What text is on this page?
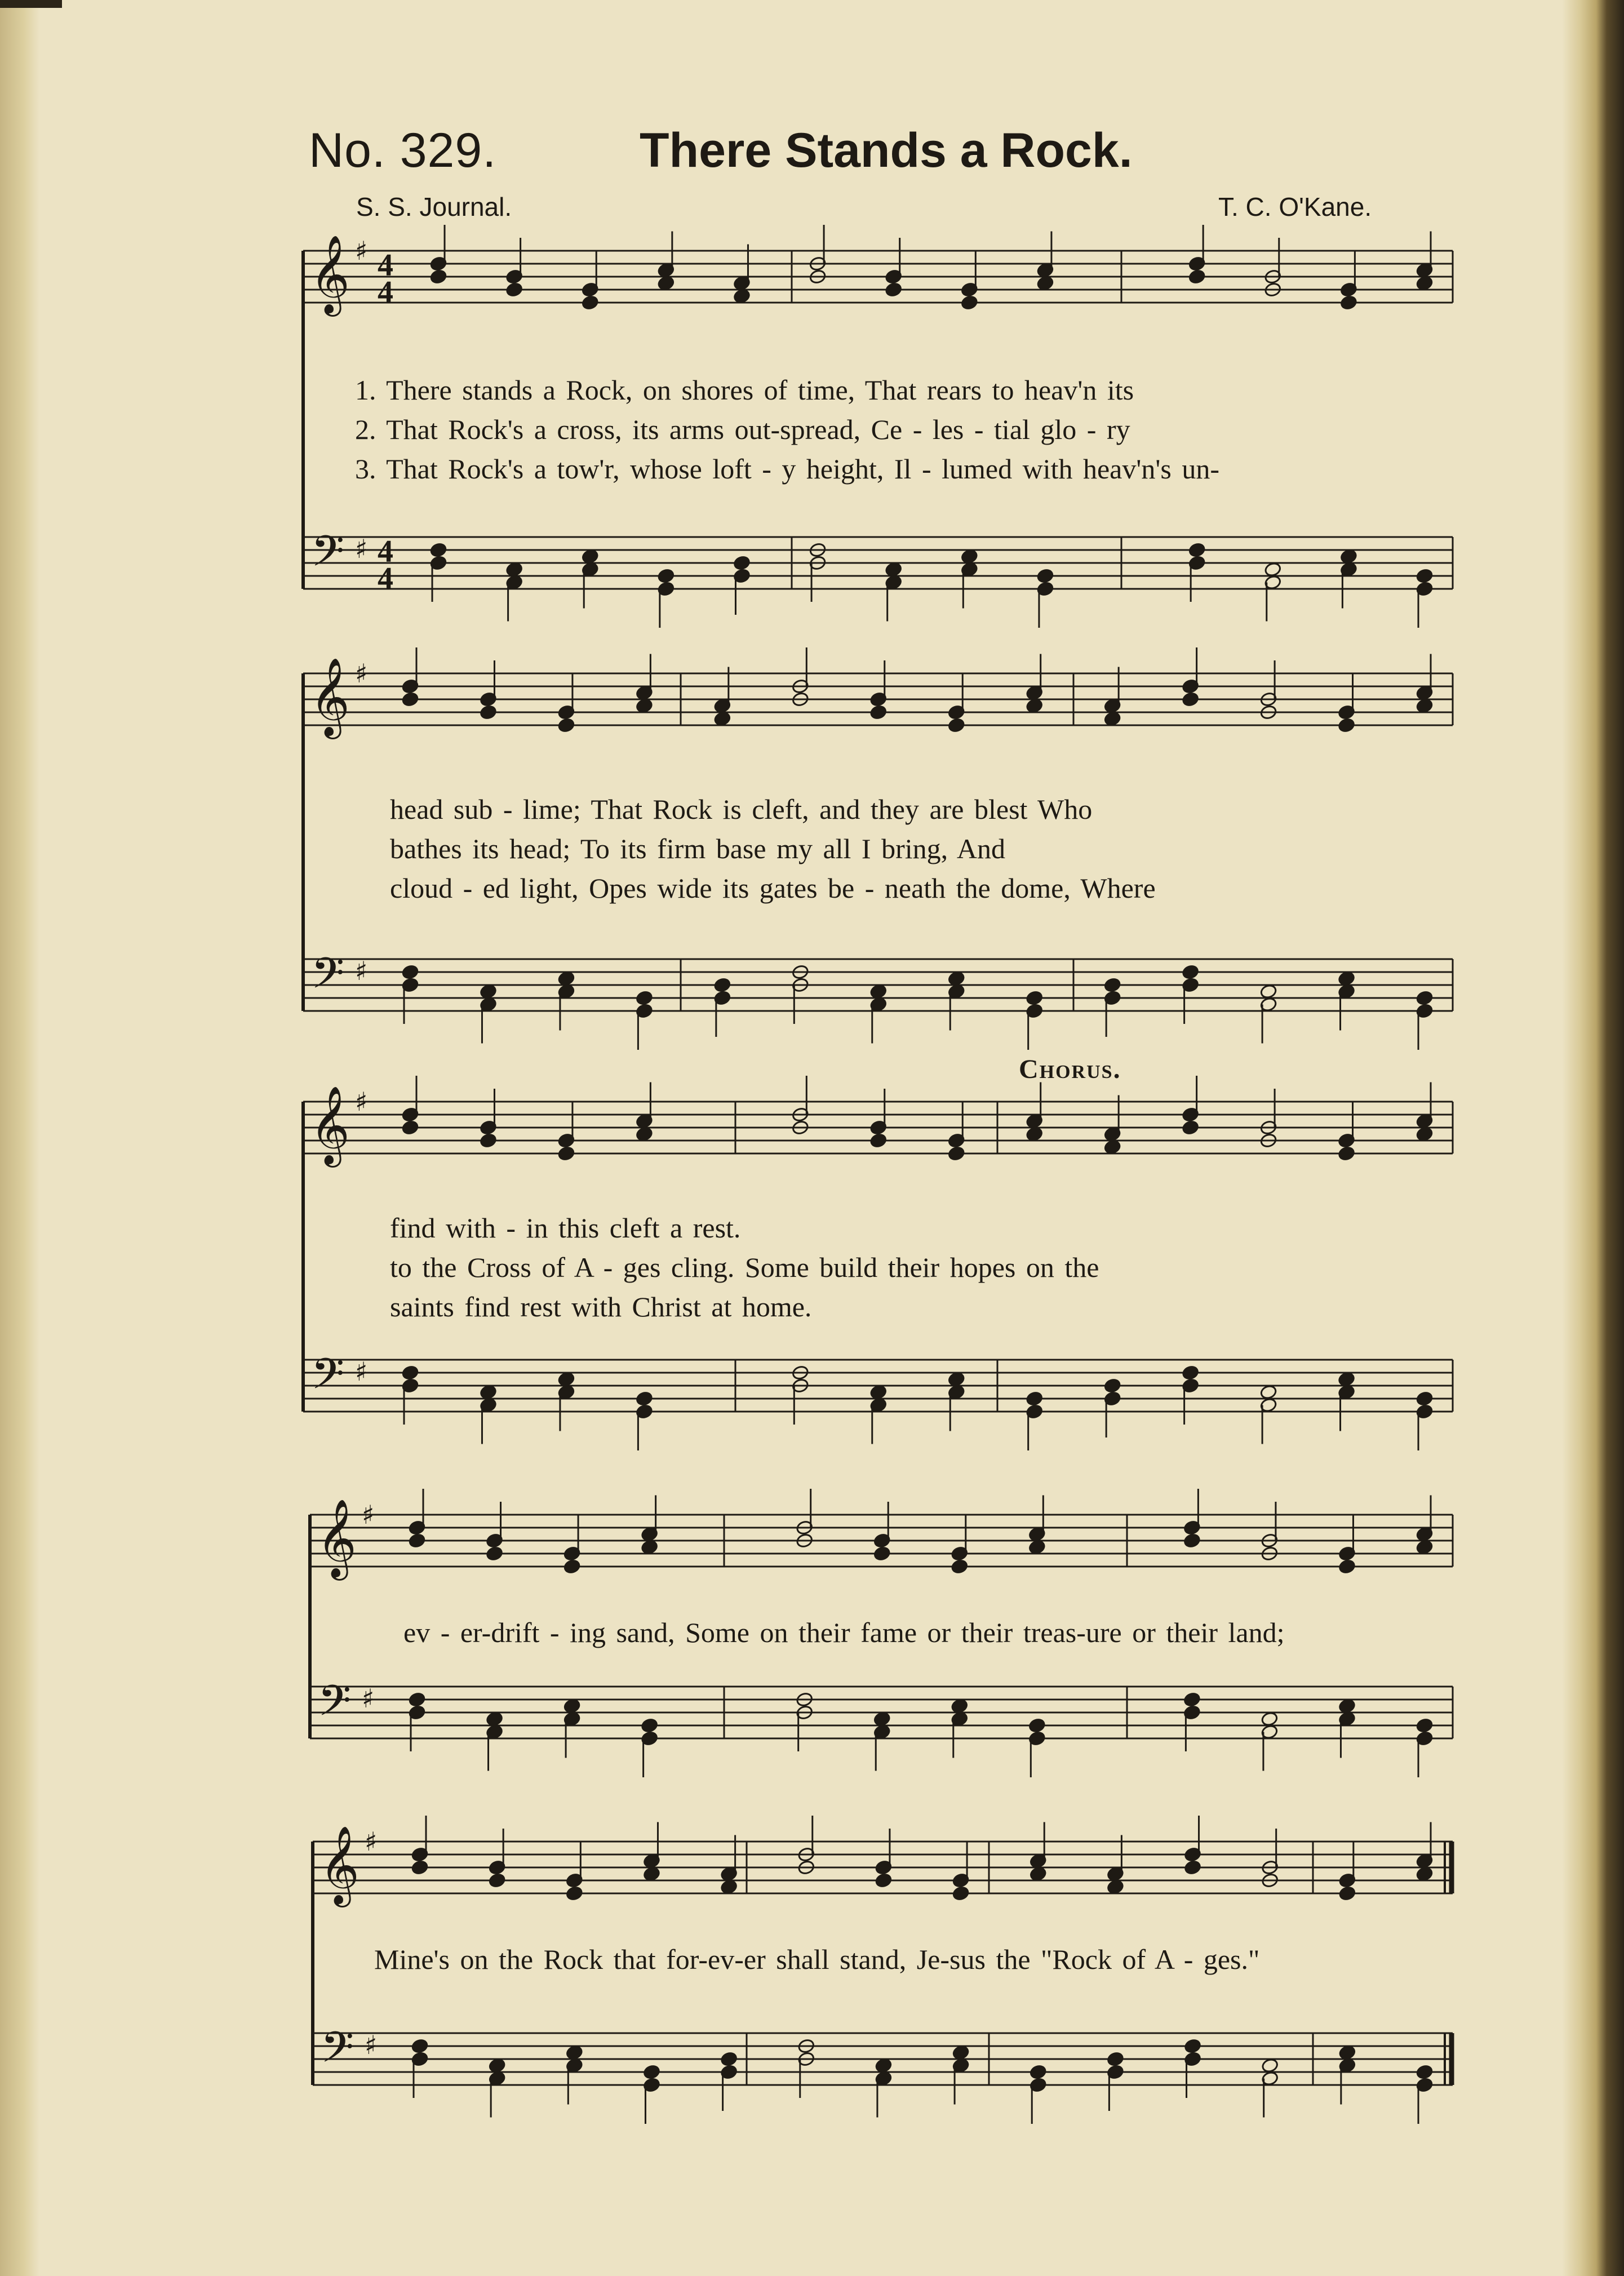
No. 329.	There Stands a Rock.
S. S. Journal.	T. C. O'Kane.
𝄞
𝄢
♯
♯
4
4
4
4
𝄞
𝄢
♯
♯
𝄞
𝄢
♯
♯
𝄞
𝄢
♯
♯
𝄞
𝄢
♯
♯
Chorus.
1. There stands a Rock, on shores of time, That rears to heav'n its
2. That Rock's a cross, its arms out-spread, Ce - les - tial glo - ry
3. That Rock's a tow'r, whose loft - y height, Il - lumed with heav'n's un-
head sub - lime; That Rock is cleft, and they are blest Who
bathes its head; To its firm base my all I bring, And
cloud - ed light, Opes wide its gates be - neath the dome, Where
find with - in this cleft a rest.
to the Cross of A - ges cling. Some build their hopes on the
saints find rest with Christ at home.
ev - er-drift - ing sand, Some on their fame or their treas-ure or their land;
Mine's on the Rock that for-ev-er shall stand, Je-sus the "Rock of A - ges."
